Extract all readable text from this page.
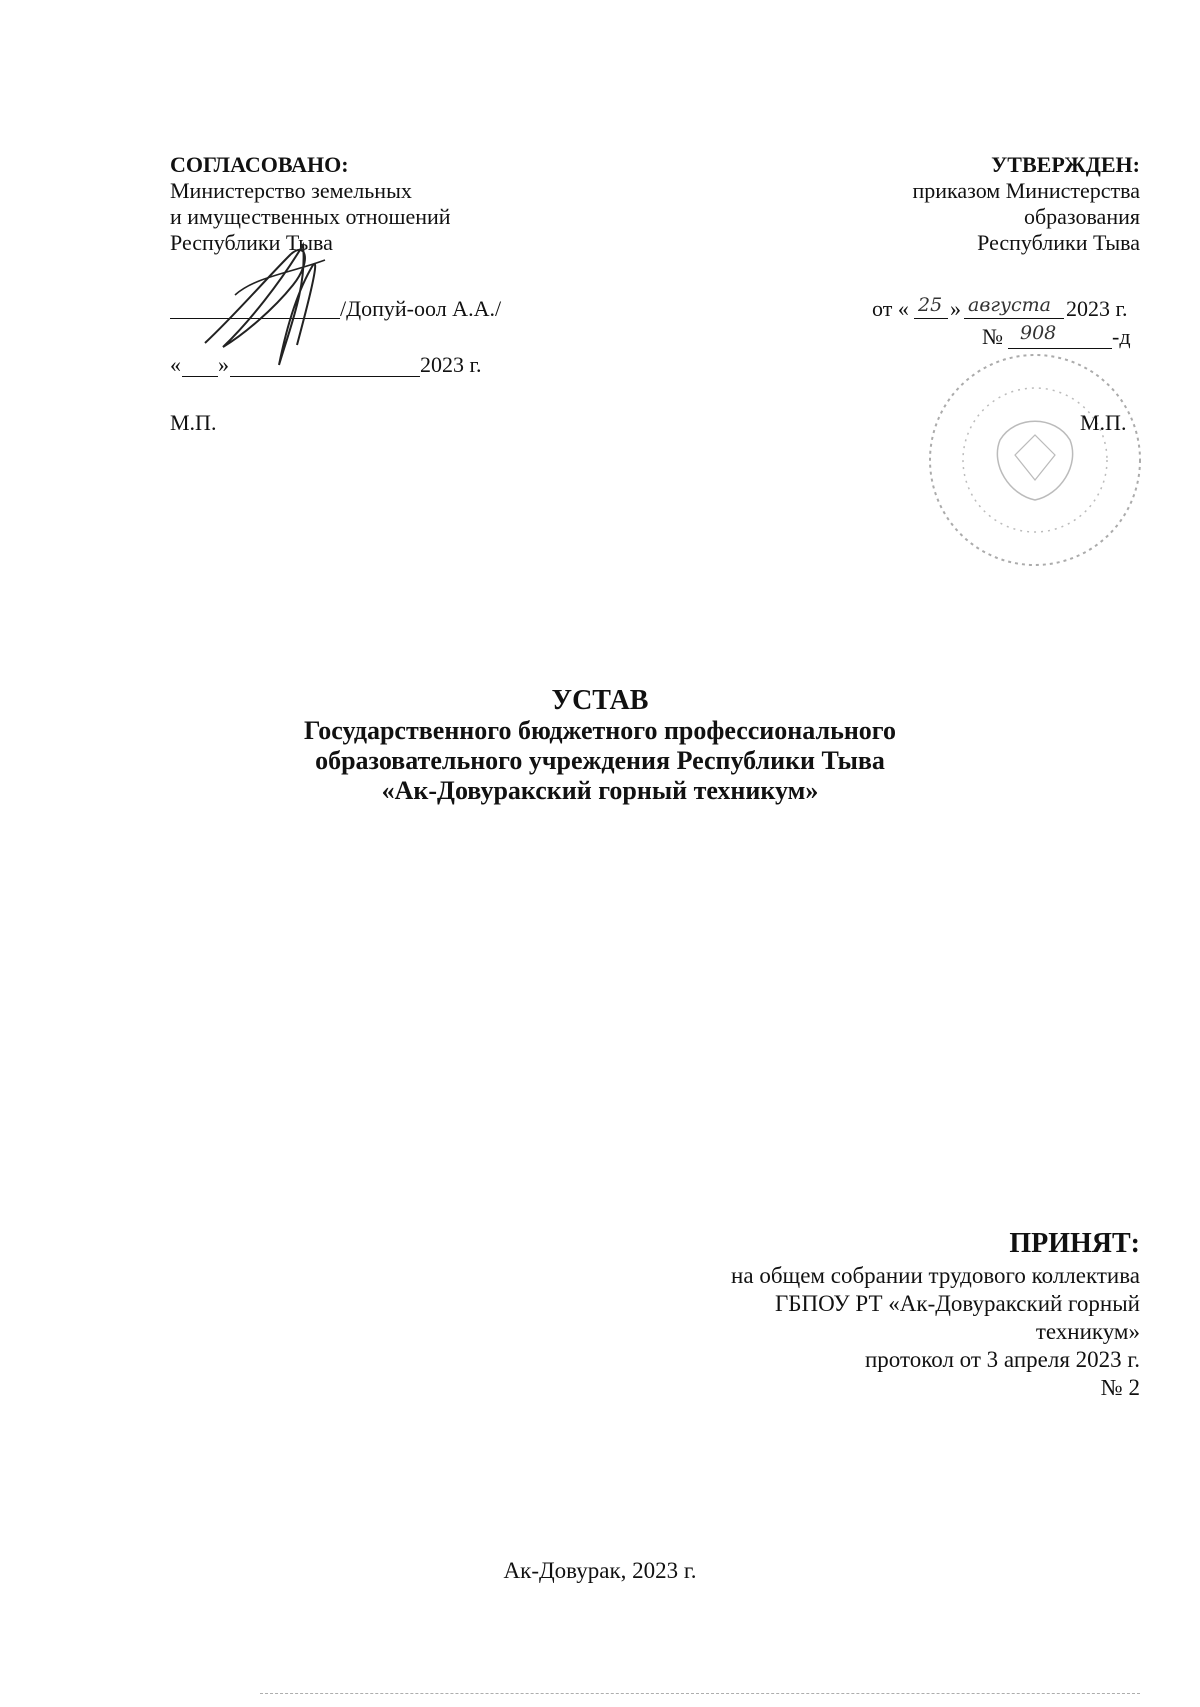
СОГЛАСОВАНО:
Министерство земельных
и имущественных отношений
Республики Тыва
/Допуй-оол А.А./
« »	2023 г.
М.П.
УТВЕРЖДЕН:
приказом Министерства
образования
Республики Тыва
от « 25 » августа 2023 г.
№ 908	-д
М.П.
УСТАВ
Государственного бюджетного профессионального
образовательного учреждения Республики Тыва
«Ак-Довуракский горный техникум»
ПРИНЯТ:
на общем собрании трудового коллектива
ГБПОУ РТ «Ак-Довуракский горный
техникум»
протокол от 3 апреля 2023 г.
№ 2
Ак-Довурак, 2023 г.
